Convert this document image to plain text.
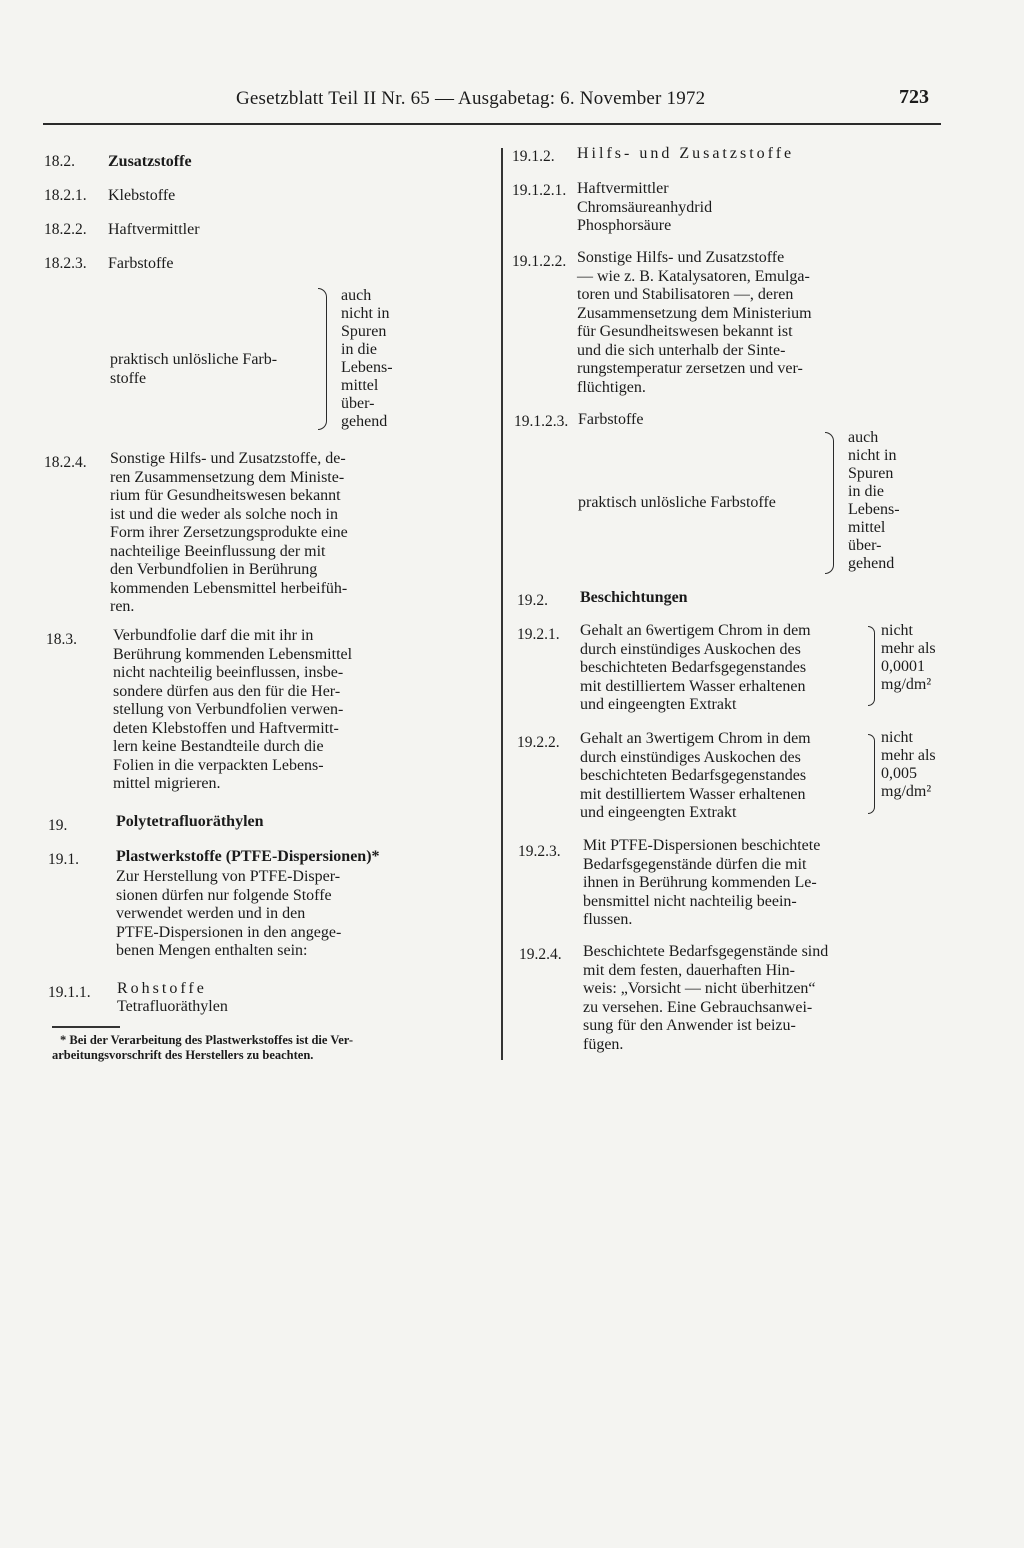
Gesetzblatt Teil II Nr. 65 — Ausgabetag: 6. November 1972	723
18.2. Zusatzstoffe
18.2.1. Klebstoffe
18.2.2. Haftvermittler
18.2.3. Farbstoffe
praktisch unlösliche Farb-
stoffe
auch
nicht in
Spuren
in die
Lebens-
mittel
über-
gehend
18.2.4. Sonstige Hilfs- und Zusatzstoffe, de-
ren Zusammensetzung dem Ministe-
rium für Gesundheitswesen bekannt
ist und die weder als solche noch in
Form ihrer Zersetzungsprodukte eine
nachteilige Beeinflussung der mit
den Verbundfolien in Berührung
kommenden Lebensmittel herbeifüh-
ren.
18.3. Verbundfolie darf die mit ihr in
Berührung kommenden Lebensmittel
nicht nachteilig beeinflussen, insbe-
sondere dürfen aus den für die Her-
stellung von Verbundfolien verwen-
deten Klebstoffen und Haftvermitt-
lern keine Bestandteile durch die
Folien in die verpackten Lebens-
mittel migrieren.
19.	Polytetrafluoräthylen
19.1. Plastwerkstoffe (PTFE-Dispersionen)*
Zur Herstellung von PTFE-Disper-
sionen dürfen nur folgende Stoffe
verwendet werden und in den
PTFE-Dispersionen in den angege-
benen Mengen enthalten sein:
19.1.1. Rohstoffe
Tetrafluoräthylen
* Bei der Verarbeitung des Plastwerkstoffes ist die Ver-
arbeitungsvorschrift des Herstellers zu beachten.
19.1.2. Hilfs- und Zusatzstoffe
19.1.2.1. Haftvermittler
Chromsäureanhydrid
Phosphorsäure
19.1.2.2. Sonstige Hilfs- und Zusatzstoffe
— wie z. B. Katalysatoren, Emulga-
toren und Stabilisatoren —, deren
Zusammensetzung dem Ministerium
für Gesundheitswesen bekannt ist
und die sich unterhalb der Sinte-
rungstemperatur zersetzen und ver-
flüchtigen.
19.1.2.3. Farbstoffe
praktisch unlösliche Farbstoffe
auch
nicht in
Spuren
in die
Lebens-
mittel
über-
gehend
19.2. Beschichtungen
19.2.1. Gehalt an 6wertigem Chrom in dem
durch einstündiges Auskochen des
beschichteten Bedarfsgegenstandes
mit destilliertem Wasser erhaltenen
und eingeengten Extrakt
nicht
mehr als
0,0001
mg/dm²
19.2.2. Gehalt an 3wertigem Chrom in dem
durch einstündiges Auskochen des
beschichteten Bedarfsgegenstandes
mit destilliertem Wasser erhaltenen
und eingeengten Extrakt
nicht
mehr als
0,005
mg/dm²
19.2.3. Mit PTFE-Dispersionen beschichtete
Bedarfsgegenstände dürfen die mit
ihnen in Berührung kommenden Le-
bensmittel nicht nachteilig beein-
flussen.
19.2.4. Beschichtete Bedarfsgegenstände sind
mit dem festen, dauerhaften Hin-
weis: „Vorsicht — nicht überhitzen“
zu versehen. Eine Gebrauchsanwei-
sung für den Anwender ist beizu-
fügen.
